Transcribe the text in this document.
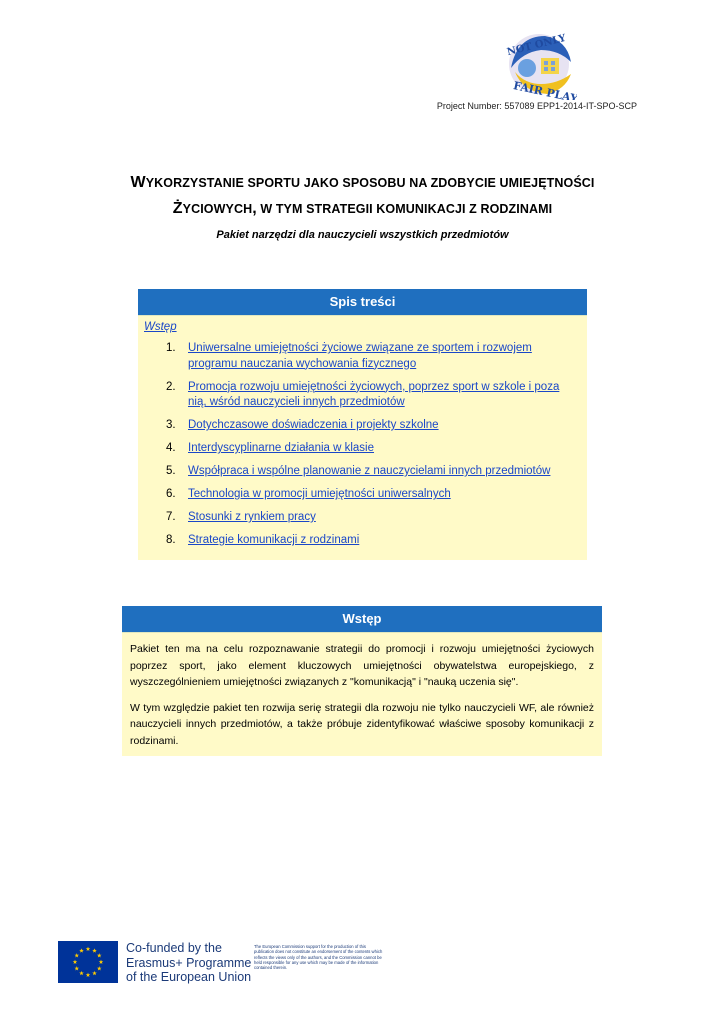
NOT ONLY
FAIR PLAY
Project Number: 557089 EPP1-2014-IT-SPO-SCP
WYKORZYSTANIE SPORTU JAKO SPOSOBU NA ZDOBYCIE UMIEJĘTNOŚCI
ŻYCIOWYCH, W TYM STRATEGII KOMUNIKACJI Z RODZINAMI
Pakiet narzędzi dla nauczycieli wszystkich przedmiotów
Spis treści
Wstęp
1. Uniwersalne umiejętności życiowe związane ze sportem i rozwojem programu nauczania wychowania fizycznego
2. Promocja rozwoju umiejętności życiowych, poprzez sport w szkole i poza nią, wśród nauczycieli innych przedmiotów
3. Dotychczasowe doświadczenia i projekty szkolne
4. Interdyscyplinarne działania w klasie
5. Współpraca i wspólne planowanie z nauczycielami innych przedmiotów
6. Technologia w promocji umiejętności uniwersalnych
7. Stosunki z rynkiem pracy
8. Strategie komunikacji z rodzinami
Wstęp

Pakiet ten ma na celu rozpoznawanie strategii do promocji i rozwoju umiejętności życiowych poprzez sport, jako element kluczowych umiejętności obywatelstwa europejskiego, z wyszczególnieniem umiejętności związanych z "komunikacją" i "nauką uczenia się".

W tym względzie pakiet ten rozwija serię strategii dla rozwoju nie tylko nauczycieli WF, ale również nauczycieli innych przedmiotów, a także próbuje zidentyfikować właściwe sposoby komunikacji z rodzinami.

Co-funded by the
Erasmus+ Programme
of the European Union
The European Commission support for the production of this publication does not constitute an endorsement of the contents which reflects the views only of the authors, and the Commission cannot be held responsible for any use which may be made of the information contained therein.
